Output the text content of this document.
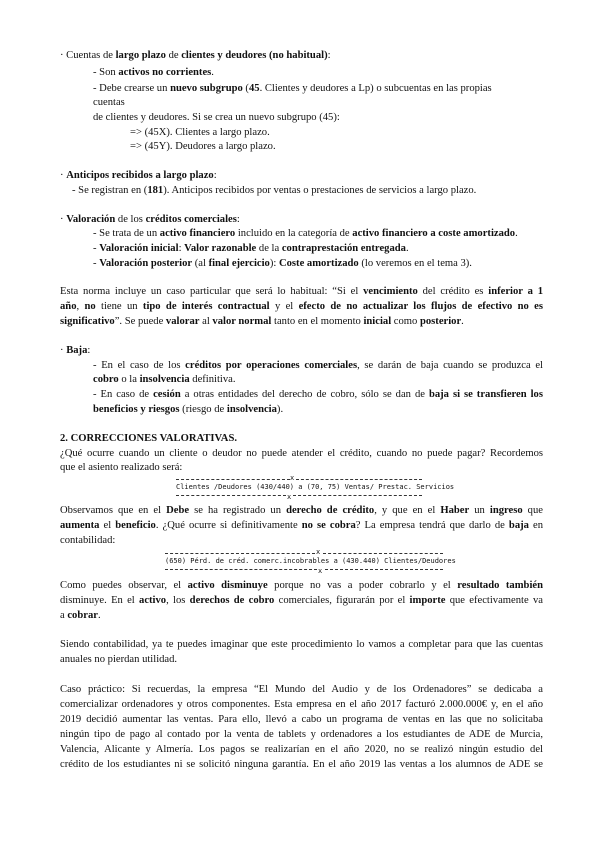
· Cuentas de largo plazo de clientes y deudores (no habitual):
- Son activos no corrientes.
- Debe crearse un nuevo subgrupo (45. Clientes y deudores a Lp) o subcuentas en las propias
cuentas
de clientes y deudores. Si se crea un nuevo subgrupo (45):
=> (45X). Clientes a largo plazo.
=> (45Y). Deudores a largo plazo.
· Anticipos recibidos a largo plazo:
- Se registran en (181). Anticipos recibidos por ventas o prestaciones de servicios a largo plazo.
· Valoración de los créditos comerciales:
- Se trata de un activo financiero incluido en la categoría de activo financiero a coste amortizado.
- Valoración inicial: Valor razonable de la contraprestación entregada.
- Valoración posterior (al final ejercicio): Coste amortizado (lo veremos en el tema 3).
Esta norma incluye un caso particular que será lo habitual: “Si el vencimiento del crédito es inferior a 1
año, no tiene un tipo de interés contractual y el efecto de no actualizar los flujos de efectivo no es
significativo”. Se puede valorar al valor normal tanto en el momento inicial como posterior.
· Baja:
- En el caso de los créditos por operaciones comerciales, se darán de baja cuando se produzca el
cobro o la insolvencia definitiva.
- En caso de cesión a otras entidades del derecho de cobro, sólo se dan de baja si se transfieren los
beneficios y riesgos (riesgo de insolvencia).
2. CORRECCIONES VALORATIVAS.
¿Qué ocurre cuando un cliente o deudor no puede atender el crédito, cuando no puede pagar? Recordemos
que el asiento realizado será:
x
Clientes /Deudores (430/440) a (70, 75) Ventas/ Prestac. Servicios
x
Observamos que en el Debe se ha registrado un derecho de crédito, y que en el Haber un ingreso que
aumenta el beneficio. ¿Qué ocurre si definitivamente no se cobra? La empresa tendrá que darlo de baja en
contabilidad:
x
(650) Pérd. de créd. comerc.incobrables a (430.440) Clientes/Deudores
x
Como puedes observar, el activo disminuye porque no vas a poder cobrarlo y el resultado también
disminuye. En el activo, los derechos de cobro comerciales, figurarán por el importe que efectivamente va
a cobrar.
Siendo contabilidad, ya te puedes imaginar que este procedimiento lo vamos a completar para que las cuentas
anuales no pierdan utilidad.
Caso práctico: Si recuerdas, la empresa “El Mundo del Audio y de los Ordenadores” se dedicaba a
comercializar ordenadores y otros componentes. Esta empresa en el año 2017 facturó 2.000.000€ y, en el año
2019 decidió aumentar las ventas. Para ello, llevó a cabo un programa de ventas en las que no solicitaba
ningún tipo de pago al contado por la venta de tablets y ordenadores a los estudiantes de ADE de Murcia,
Valencia, Alicante y Almería. Los pagos se realizarían en el año 2020, no se realizó ningún estudio del
crédito de los estudiantes ni se solicitó ninguna garantía. En el año 2019 las ventas a los alumnos de ADE se
